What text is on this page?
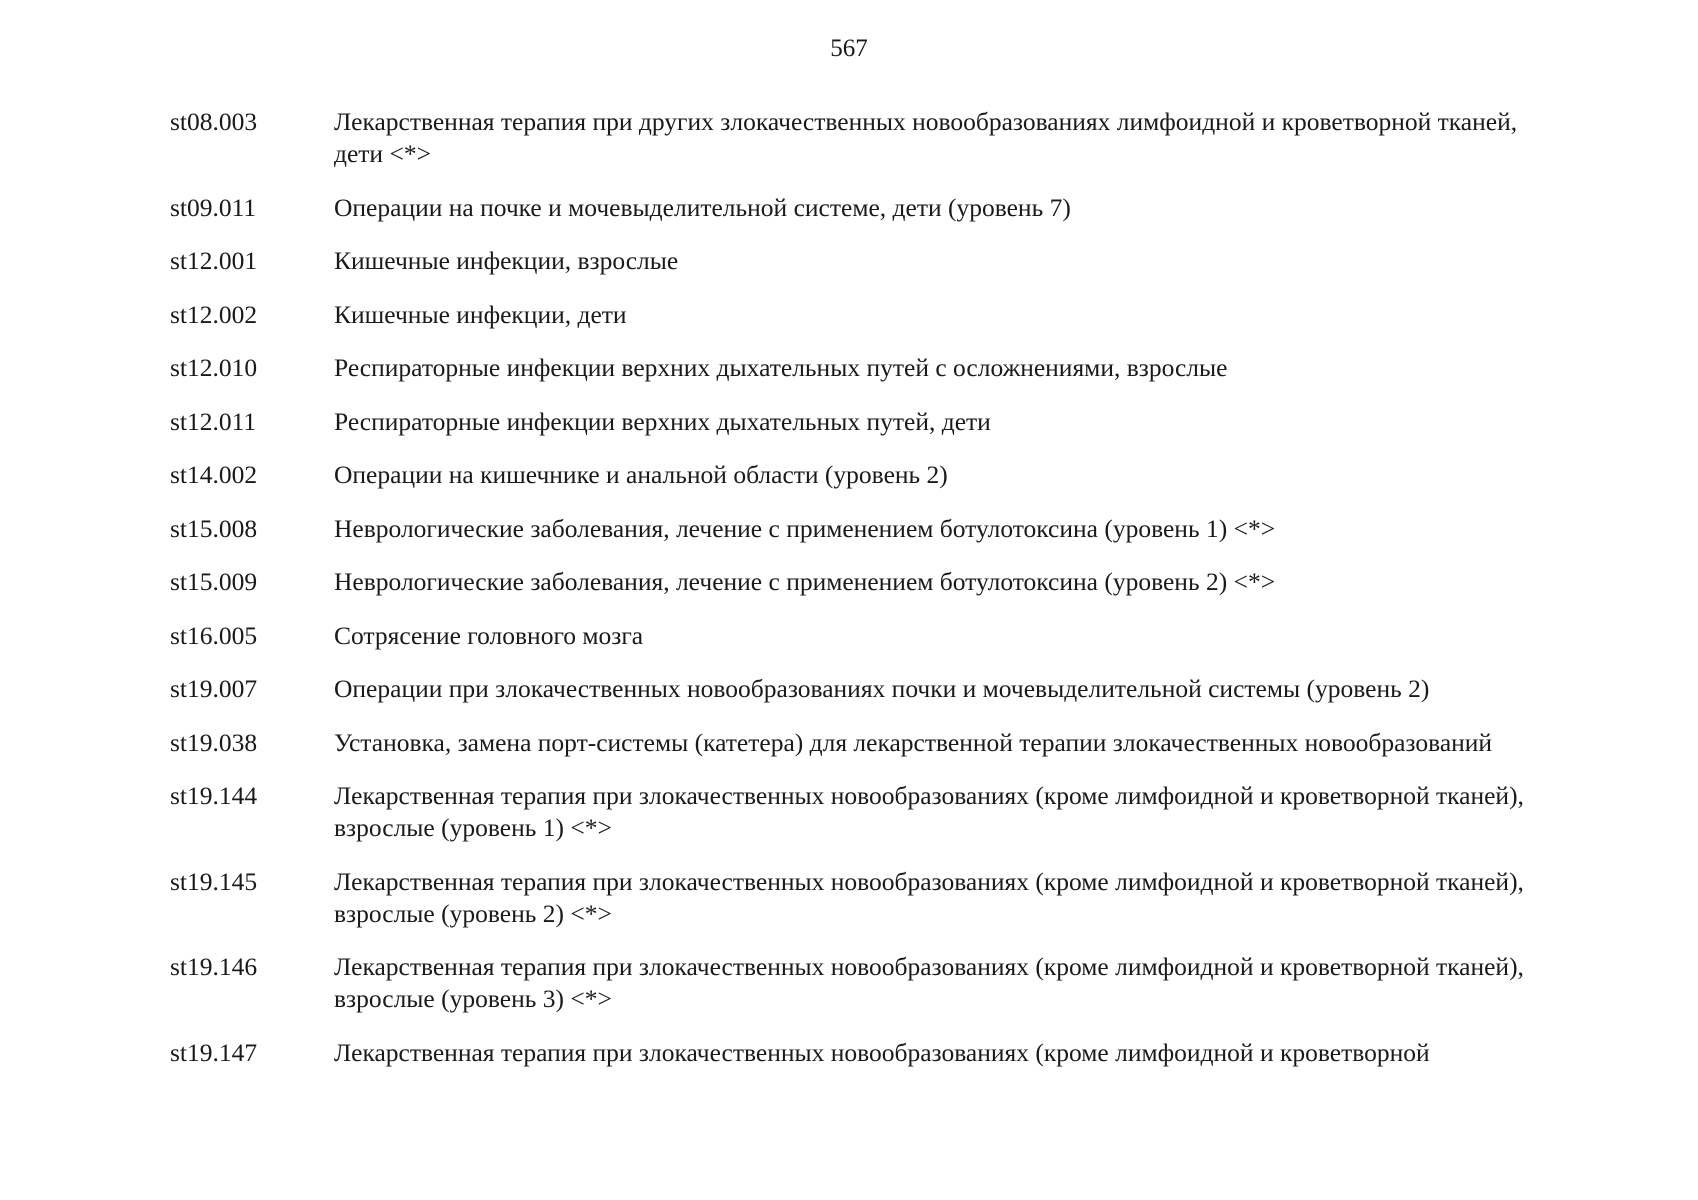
567
st08.003	Лекарственная терапия при других злокачественных новообразованиях лимфоидной и кроветворной тканей, дети <*>
st09.011	Операции на почке и мочевыделительной системе, дети (уровень 7)
st12.001	Кишечные инфекции, взрослые
st12.002	Кишечные инфекции, дети
st12.010	Респираторные инфекции верхних дыхательных путей с осложнениями, взрослые
st12.011	Респираторные инфекции верхних дыхательных путей, дети
st14.002	Операции на кишечнике и анальной области (уровень 2)
st15.008	Неврологические заболевания, лечение с применением ботулотоксина (уровень 1) <*>
st15.009	Неврологические заболевания, лечение с применением ботулотоксина (уровень 2) <*>
st16.005	Сотрясение головного мозга
st19.007	Операции при злокачественных новообразованиях почки и мочевыделительной системы (уровень 2)
st19.038	Установка, замена порт-системы (катетера) для лекарственной терапии злокачественных новообразований
st19.144	Лекарственная терапия при злокачественных новообразованиях (кроме лимфоидной и кроветворной тканей), взрослые (уровень 1) <*>
st19.145	Лекарственная терапия при злокачественных новообразованиях (кроме лимфоидной и кроветворной тканей), взрослые (уровень 2) <*>
st19.146	Лекарственная терапия при злокачественных новообразованиях (кроме лимфоидной и кроветворной тканей), взрослые (уровень 3) <*>
st19.147	Лекарственная терапия при злокачественных новообразованиях (кроме лимфоидной и кроветворной
